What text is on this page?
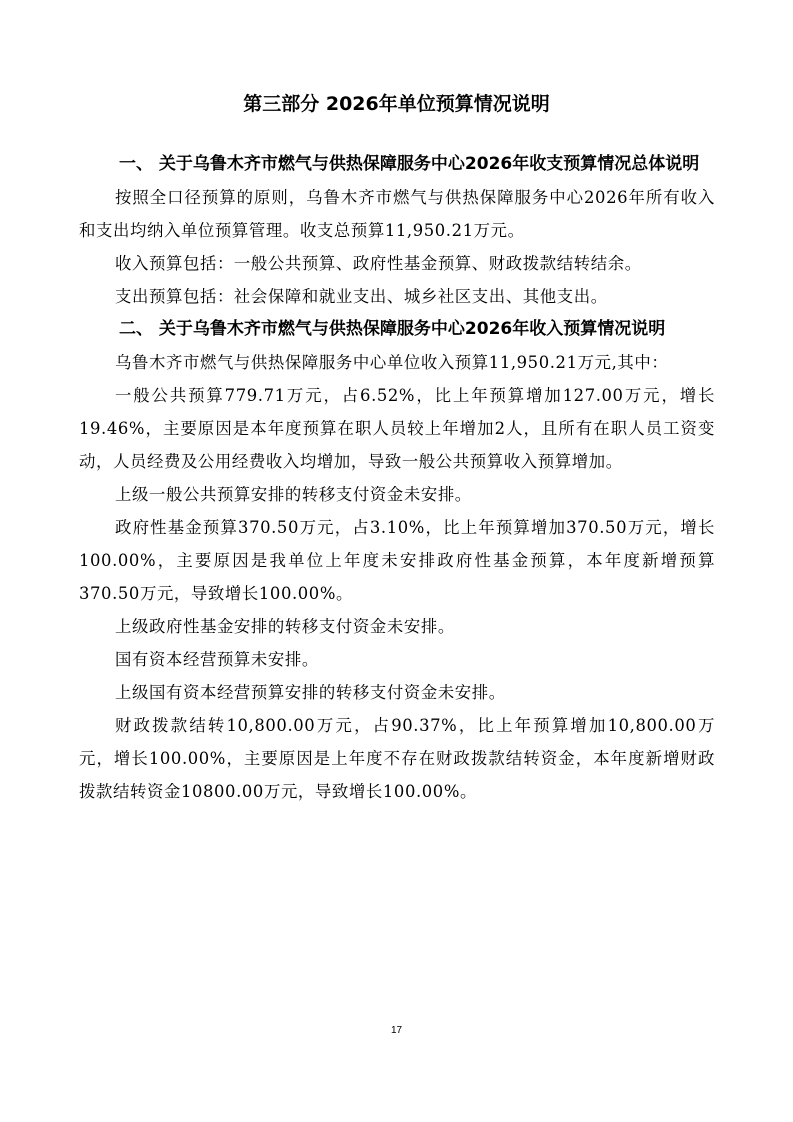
第三部分 2026年单位预算情况说明
一、 关于乌鲁木齐市燃气与供热保障服务中心2026年收支预算情况总体说明

按照全口径预算的原则，乌鲁木齐市燃气与供热保障服务中心2026年所有收入和支出均纳入单位预算管理。收支总预算11,950.21万元。

收入预算包括：一般公共预算、政府性基金预算、财政拨款结转结余。

支出预算包括：社会保障和就业支出、城乡社区支出、其他支出。

二、 关于乌鲁木齐市燃气与供热保障服务中心2026年收入预算情况说明

乌鲁木齐市燃气与供热保障服务中心单位收入预算11,950.21万元,其中：

一般公共预算779.71万元，占6.52%，比上年预算增加127.00万元，增长19.46%，主要原因是本年度预算在职人员较上年增加2人，且所有在职人员工资变动，人员经费及公用经费收入均增加，导致一般公共预算收入预算增加。

上级一般公共预算安排的转移支付资金未安排。

政府性基金预算370.50万元，占3.10%，比上年预算增加370.50万元，增长100.00%，主要原因是我单位上年度未安排政府性基金预算，本年度新增预算370.50万元，导致增长100.00%。

上级政府性基金安排的转移支付资金未安排。

国有资本经营预算未安排。

上级国有资本经营预算安排的转移支付资金未安排。

财政拨款结转10,800.00万元，占90.37%，比上年预算增加10,800.00万元，增长100.00%，主要原因是上年度不存在财政拨款结转资金，本年度新增财政拨款结转资金10800.00万元，导致增长100.00%。

17
